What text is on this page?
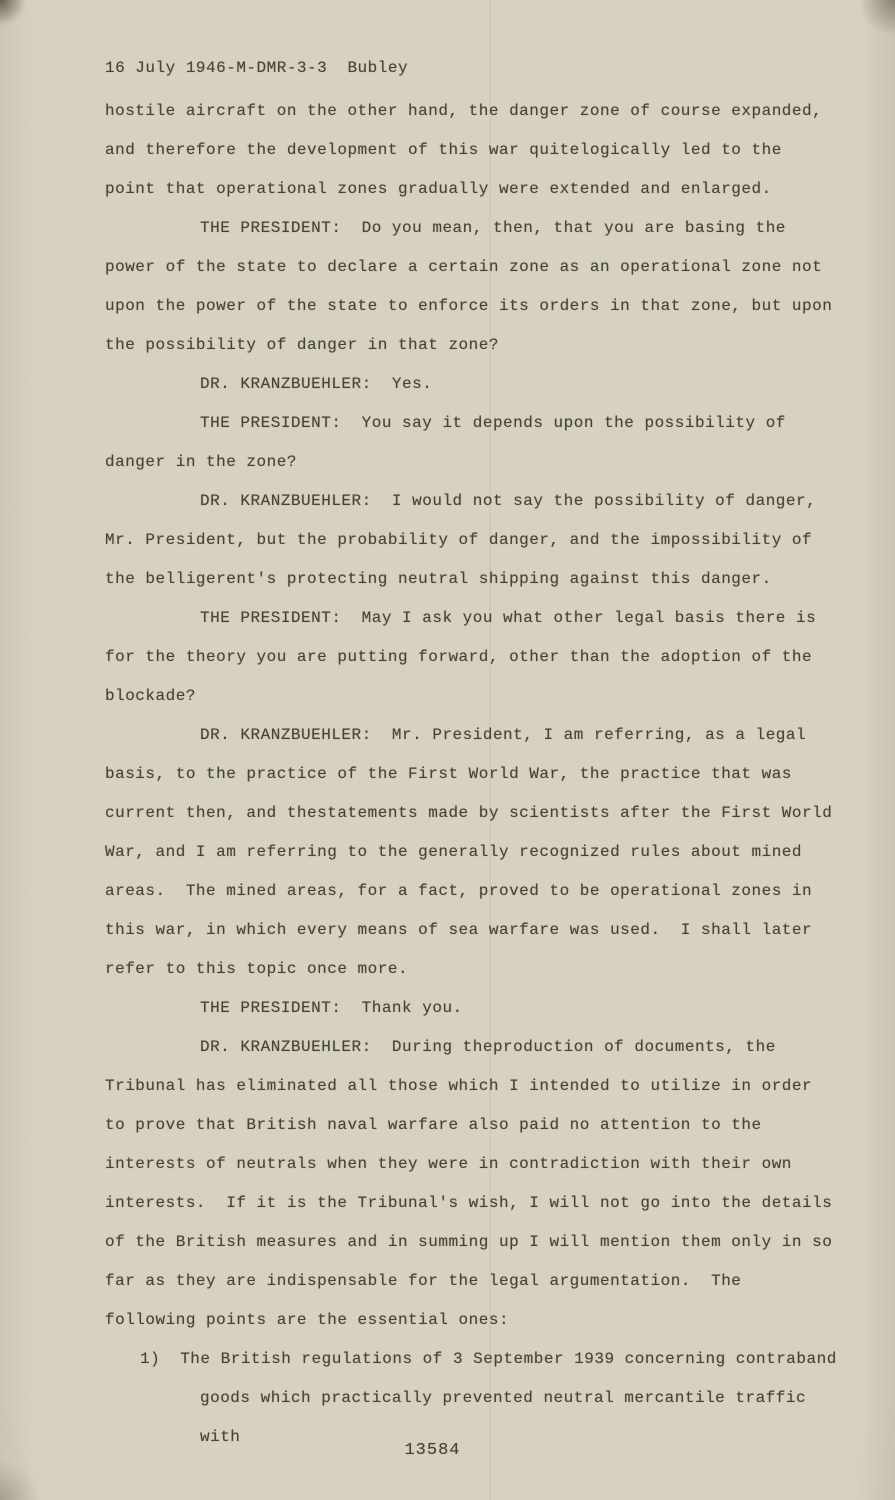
16 July 1946-M-DMR-3-3  Bubley

hostile aircraft on the other hand, the danger zone of course expanded, and therefore the development of this war quitelogically led to the point that operational zones gradually were extended and enlarged.

THE PRESIDENT:  Do you mean, then, that you are basing the power of the state to declare a certain zone as an operational zone not upon the power of the state to enforce its orders in that zone, but upon the possibility of danger in that zone?

DR. KRANZBUEHLER:  Yes.

THE PRESIDENT:  You say it depends upon the possibility of danger in the zone?

DR. KRANZBUEHLER:  I would not say the possibility of danger, Mr. President, but the probability of danger, and the impossibility of the belligerent's protecting neutral shipping against this danger.

THE PRESIDENT:  May I ask you what other legal basis there is for the theory you are putting forward, other than the adoption of the blockade?

DR. KRANZBUEHLER:  Mr. President, I am referring, as a legal basis, to the practice of the First World War, the practice that was current then, and thestatements made by scientists after the First World War, and I am referring to the generally recognized rules about mined areas.  The mined areas, for a fact, proved to be operational zones in this war, in which every means of sea warfare was used.  I shall later refer to this topic once more.

THE PRESIDENT:  Thank you.

DR. KRANZBUEHLER:  During theproduction of documents, the Tribunal has eliminated all those which I intended to utilize in order to prove that British naval warfare also paid no attention to the interests of neutrals when they were in contradiction with their own interests.  If it is the Tribunal's wish, I will not go into the details of the British measures and in summing up I will mention them only in so far as they are indispensable for the legal argumentation.  The following points are the essential ones:

1) The British regulations of 3 September 1939 concerning contraband goods which practically prevented neutral mercantile traffic with

13584
